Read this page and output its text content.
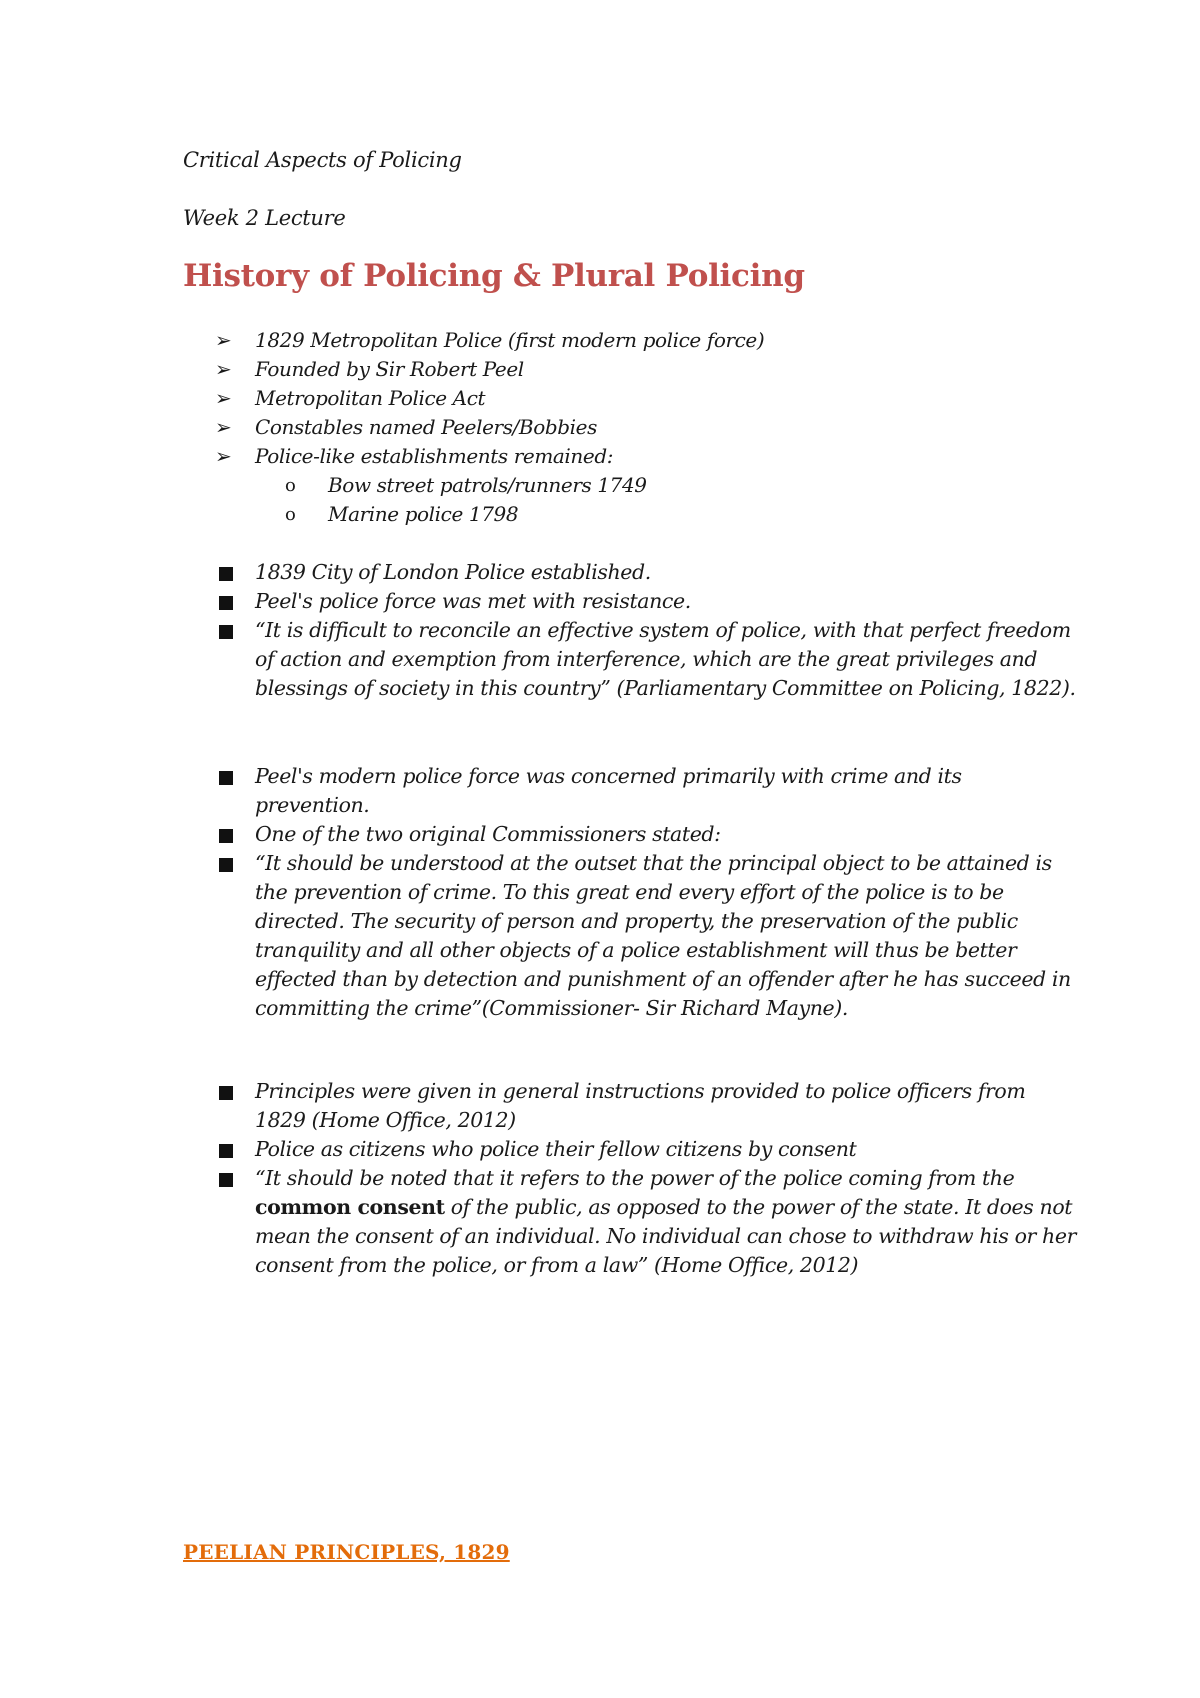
Critical Aspects of Policing
Week 2 Lecture
History of Policing & Plural Policing
➢ 1829 Metropolitan Police (first modern police force)
➢ Founded by Sir Robert Peel
➢ Metropolitan Police Act
➢ Constables named Peelers/Bobbies
➢ Police-like establishments remained:
o Bow street patrols/runners 1749
o Marine police 1798
1839 City of London Police established.
Peel's police force was met with resistance.
“It is difficult to reconcile an effective system of police, with that perfect freedom of action and exemption from interference, which are the great privileges and blessings of society in this country” (Parliamentary Committee on Policing, 1822).
Peel's modern police force was concerned primarily with crime and its prevention.
One of the two original Commissioners stated:
“It should be understood at the outset that the principal object to be attained is the prevention of crime. To this great end every effort of the police is to be directed. The security of person and property, the preservation of the public tranquility and all other objects of a police establishment will thus be better effected than by detection and punishment of an offender after he has succeed in committing the crime”(Commissioner- Sir Richard Mayne).
Principles were given in general instructions provided to police officers from 1829 (Home Office, 2012)
Police as citizens who police their fellow citizens by consent
“It should be noted that it refers to the power of the police coming from the common consent of the public, as opposed to the power of the state. It does not mean the consent of an individual. No individual can chose to withdraw his or her consent from the police, or from a law” (Home Office, 2012)
PEELIAN PRINCIPLES, 1829
